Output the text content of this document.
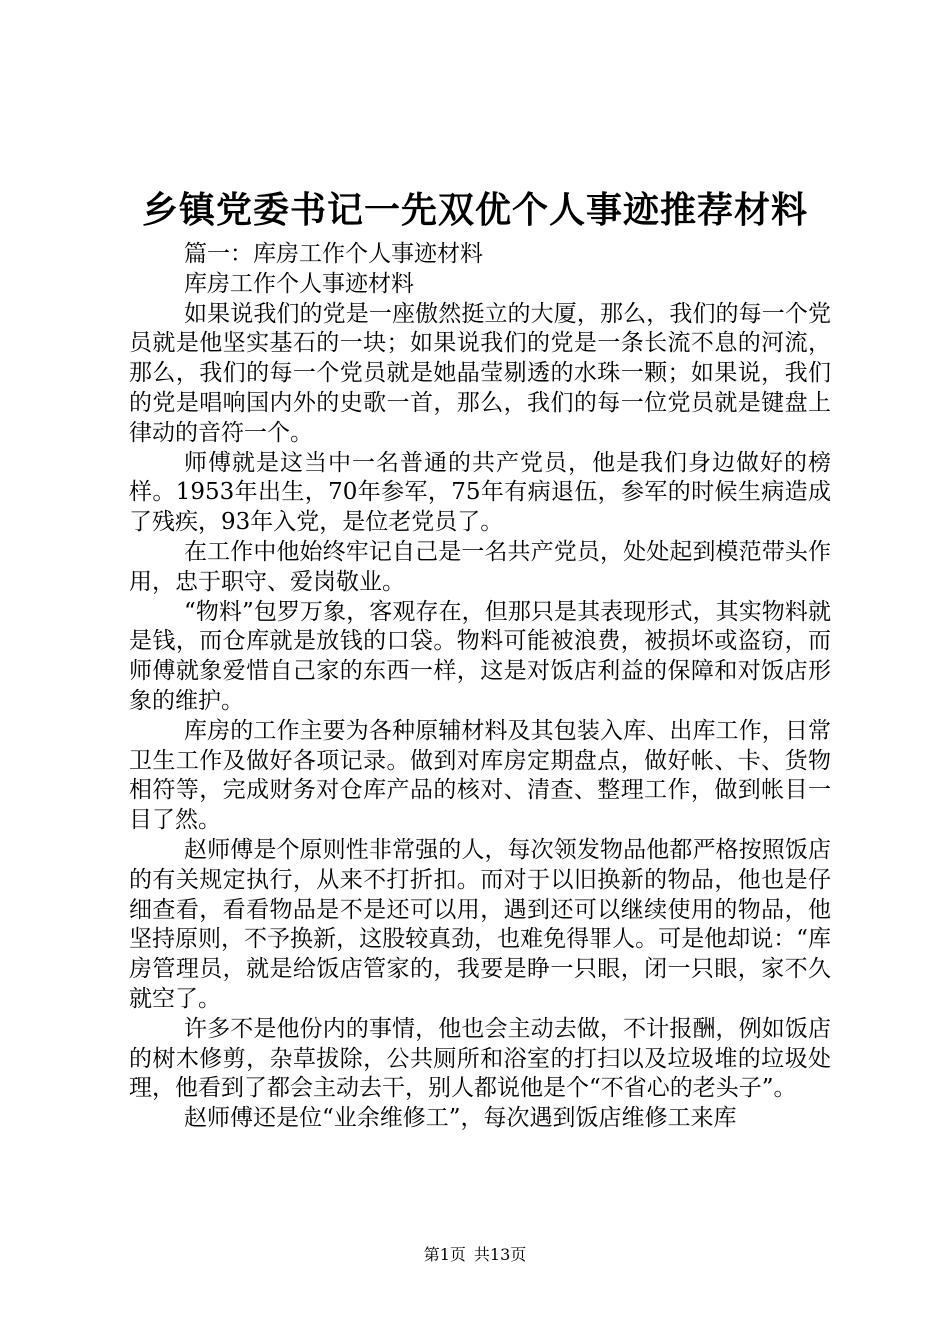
乡镇党委书记一先双优个人事迹推荐材料

篇一：库房工作个人事迹材料

库房工作个人事迹材料

如果说我们的党是一座傲然挺立的大厦，那么，我们的每一个党员就是他坚实基石的一块；如果说我们的党是一条长流不息的河流，那么，我们的每一个党员就是她晶莹剔透的水珠一颗；如果说，我们的党是唱响国内外的史歌一首，那么，我们的每一位党员就是键盘上律动的音符一个。

师傅就是这当中一名普通的共产党员，他是我们身边做好的榜样。1953年出生，70年参军，75年有病退伍，参军的时候生病造成了残疾，93年入党，是位老党员了。

在工作中他始终牢记自己是一名共产党员，处处起到模范带头作用，忠于职守、爱岗敬业。

“物料”包罗万象，客观存在，但那只是其表现形式，其实物料就是钱，而仓库就是放钱的口袋。物料可能被浪费，被损坏或盗窃，而师傅就象爱惜自己家的东西一样，这是对饭店利益的保障和对饭店形象的维护。

库房的工作主要为各种原辅材料及其包装入库、出库工作，日常卫生工作及做好各项记录。做到对库房定期盘点，做好帐、卡、货物相符等，完成财务对仓库产品的核对、清查、整理工作，做到帐目一目了然。

赵师傅是个原则性非常强的人，每次领发物品他都严格按照饭店的有关规定执行，从来不打折扣。而对于以旧换新的物品，他也是仔细查看，看看物品是不是还可以用，遇到还可以继续使用的物品，他坚持原则，不予换新，这股较真劲，也难免得罪人。可是他却说：“库房管理员，就是给饭店管家的，我要是睁一只眼，闭一只眼，家不久就空了。

许多不是他份内的事情，他也会主动去做，不计报酬，例如饭店的树木修剪，杂草拔除，公共厕所和浴室的打扫以及垃圾堆的垃圾处理，他看到了都会主动去干，别人都说他是个“不省心的老头子”。

赵师傅还是位“业余维修工”，每次遇到饭店维修工来库

第1页 共13页
